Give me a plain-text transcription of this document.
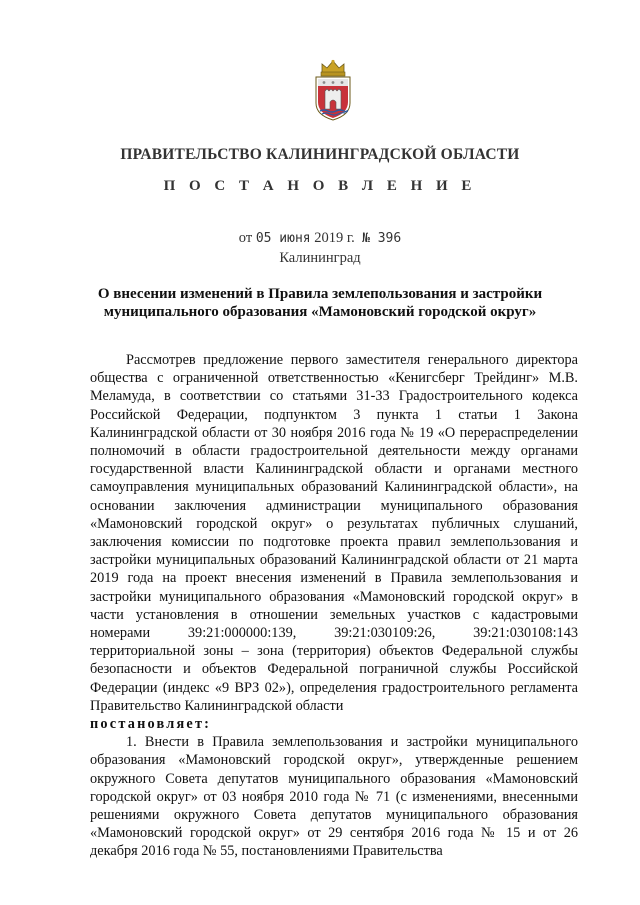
ПРАВИТЕЛЬСТВО КАЛИНИНГРАДСКОЙ ОБЛАСТИ
П О С Т А Н О В Л Е Н И Е
от 05 июня 2019 г. № 396
Калининград
О внесении изменений в Правила землепользования и застройки
муниципального образования «Мамоновский городской округ»

Рассмотрев предложение первого заместителя генерального директора общества с ограниченной ответственностью «Кенигсберг Трейдинг» М.В. Меламуда, в соответствии со статьями 31-33 Градостроительного кодекса Российской Федерации, подпунктом 3 пункта 1 статьи 1 Закона Калининградской области от 30 ноября 2016 года № 19 «О перераспределении полномочий в области градостроительной деятельности между органами государственной власти Калининградской области и органами местного самоуправления муниципальных образований Калининградской области», на основании заключения администрации муниципального образования «Мамоновский городской округ» о результатах публичных слушаний, заключения комиссии по подготовке проекта правил землепользования и застройки муниципальных образований Калининградской области от 21 марта 2019 года на проект внесения изменений в Правила землепользования и застройки муниципального образования «Мамоновский городской округ» в части установления в отношении земельных участков с кадастровыми номерами 39:21:000000:139, 39:21:030109:26, 39:21:030108:143 территориальной зоны – зона (территория) объектов Федеральной службы безопасности и объектов Федеральной пограничной службы Российской Федерации (индекс «9 ВРЗ 02»), определения градостроительного регламента Правительство Калининградской области

постановляет:

1. Внести в Правила землепользования и застройки муниципального образования «Мамоновский городской округ», утвержденные решением окружного Совета депутатов муниципального образования «Мамоновский городской округ» от 03 ноября 2010 года № 71 (с изменениями, внесенными решениями окружного Совета депутатов муниципального образования «Мамоновский городской округ» от 29 сентября 2016 года № 15 и от 26 декабря 2016 года № 55, постановлениями Правительства
